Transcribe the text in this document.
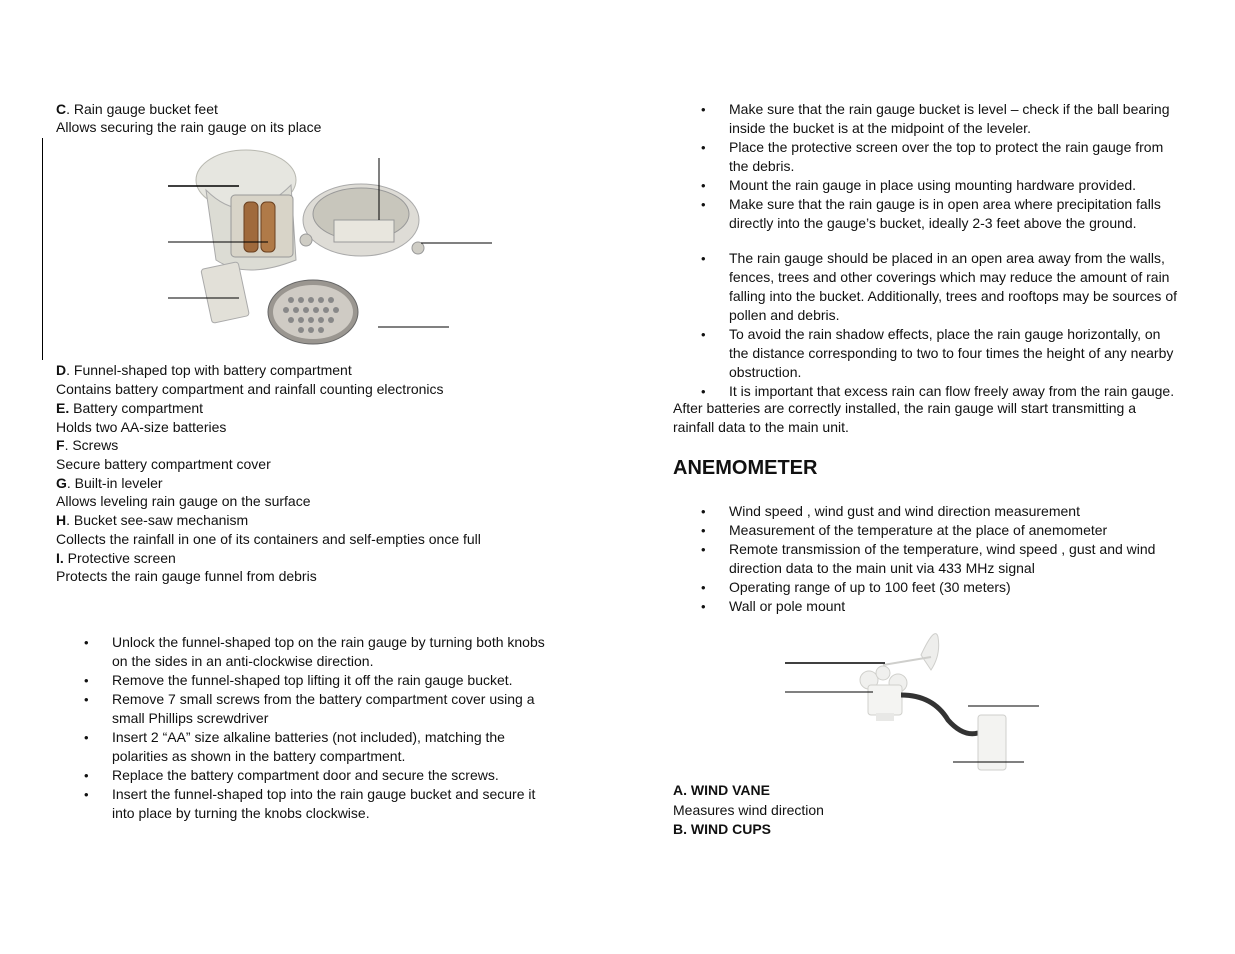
C. Rain gauge bucket feet
Allows securing the rain gauge on its place
D. Funnel-shaped top with battery compartment
Contains battery compartment and rainfall counting electronics
E. Battery compartment
Holds two AA-size batteries
F. Screws
Secure battery compartment cover
G. Built-in leveler
Allows leveling rain gauge on the surface
H. Bucket see-saw mechanism
Collects the rainfall in one of its containers and self-empties once full
I. Protective screen
Protects the rain gauge funnel from debris
• Unlock the funnel-shaped top on the rain gauge by turning both knobs on the sides in an anti-clockwise direction.
• Remove the funnel-shaped top lifting it off the rain gauge bucket.
• Remove 7 small screws from the battery compartment cover using a small Phillips screwdriver
• Insert 2 “AA” size alkaline batteries (not included), matching the polarities as shown in the battery compartment.
• Replace the battery compartment door and secure the screws.
• Insert the funnel-shaped top into the rain gauge bucket and secure it into place by turning the knobs clockwise.
• Make sure that the rain gauge bucket is level – check if the ball bearing inside the bucket is at the midpoint of the leveler.
• Place the protective screen over the top to protect the rain gauge from the debris.
• Mount the rain gauge in place using mounting hardware provided.
• Make sure that the rain gauge is in open area where precipitation falls directly into the gauge’s bucket, ideally 2-3 feet above the ground.
• The rain gauge should be placed in an open area away from the walls, fences, trees and other coverings which may reduce the amount of rain falling into the bucket. Additionally, trees and rooftops may be sources of pollen and debris.
• To avoid the rain shadow effects, place the rain gauge horizontally, on the distance corresponding to two to four times the height of any nearby obstruction.
• It is important that excess rain can flow freely away from the rain gauge.
After batteries are correctly installed, the rain gauge will start transmitting a rainfall data to the main unit.
ANEMOMETER
• Wind speed , wind gust and wind direction measurement
• Measurement of the temperature at the place of anemometer
• Remote transmission of the temperature, wind speed , gust and wind direction data to the main unit via 433 MHz signal
• Operating range of up to 100 feet (30 meters)
• Wall or pole mount
A. WIND VANE
Measures wind direction
B. WIND CUPS
